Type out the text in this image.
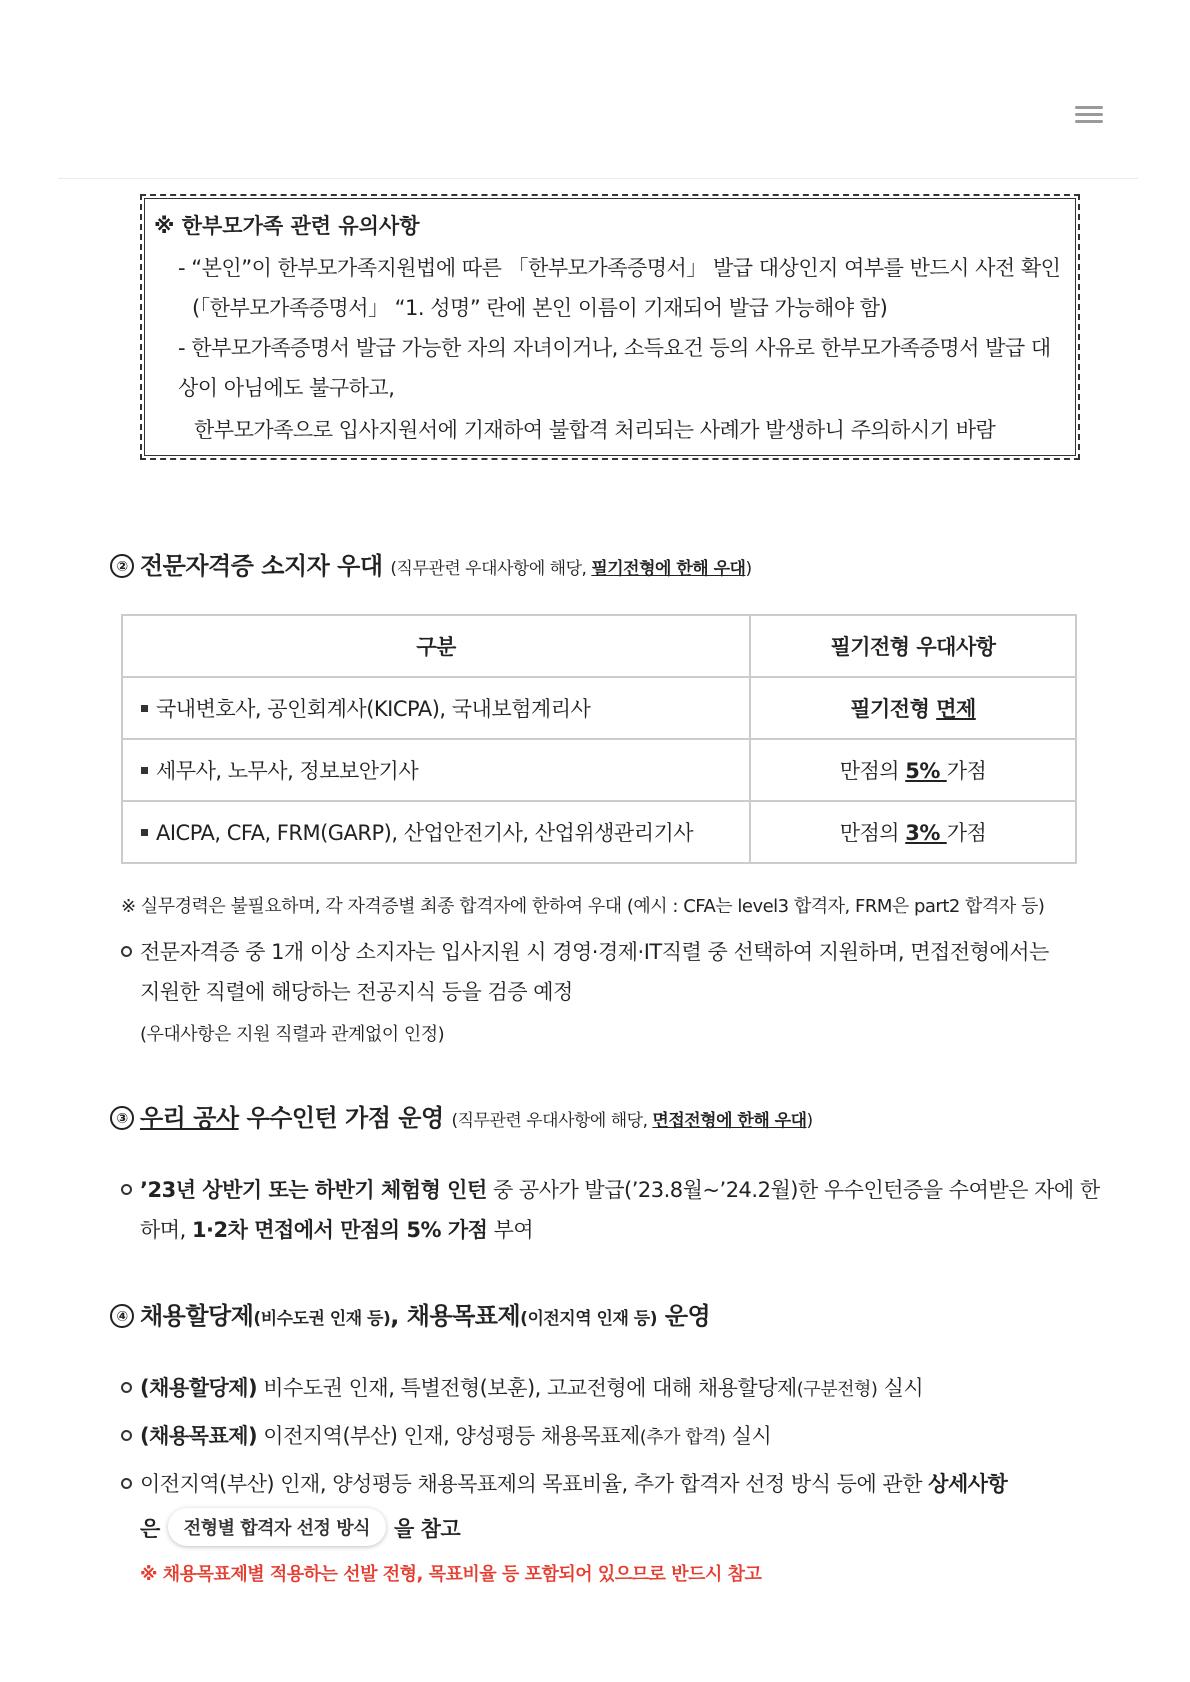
※ 한부모가족 관련 유의사항
- “본인”이 한부모가족지원법에 따른 「한부모가족증명서」 발급 대상인지 여부를 반드시 사전 확인
(「한부모가족증명서」 “1. 성명” 란에 본인 이름이 기재되어 발급 가능해야 함)
- 한부모가족증명서 발급 가능한 자의 자녀이거나, 소득요건 등의 사유로 한부모가족증명서 발급 대
상이 아님에도 불구하고,
한부모가족으로 입사지원서에 기재하여 불합격 처리되는 사례가 발생하니 주의하시기 바람
② 전문자격증 소지자 우대 (직무관련 우대사항에 해당, 필기전형에 한해 우대)
구분	필기전형 우대사항
국내변호사, 공인회계사(KICPA), 국내보험계리사	필기전형 면제
세무사, 노무사, 정보보안기사	만점의 5% 가점
AICPA, CFA, FRM(GARP), 산업안전기사, 산업위생관리기사	만점의 3% 가점
※ 실무경력은 불필요하며, 각 자격증별 최종 합격자에 한하여 우대 (예시 : CFA는 level3 합격자, FRM은 part2 합격자 등)
전문자격증 중 1개 이상 소지자는 입사지원 시 경영·경제·IT직렬 중 선택하여 지원하며, 면접전형에서는
지원한 직렬에 해당하는 전공지식 등을 검증 예정
(우대사항은 지원 직렬과 관계없이 인정)
③ 우리 공사 우수인턴 가점 운영 (직무관련 우대사항에 해당, 면접전형에 한해 우대)
’23년 상반기 또는 하반기 체험형 인턴 중 공사가 발급(’23.8월~’24.2월)한 우수인턴증을 수여받은 자에 한
하며, 1·2차 면접에서 만점의 5% 가점 부여
④ 채용할당제(비수도권 인재 등), 채용목표제(이전지역 인재 등) 운영
(채용할당제) 비수도권 인재, 특별전형(보훈), 고교전형에 대해 채용할당제(구분전형) 실시
(채용목표제) 이전지역(부산) 인재, 양성평등 채용목표제(추가 합격) 실시
이전지역(부산) 인재, 양성평등 채용목표제의 목표비율, 추가 합격자 선정 방식 등에 관한 상세사항
은 전형별 합격자 선정 방식 을 참고
※ 채용목표제별 적용하는 선발 전형, 목표비율 등 포함되어 있으므로 반드시 참고
